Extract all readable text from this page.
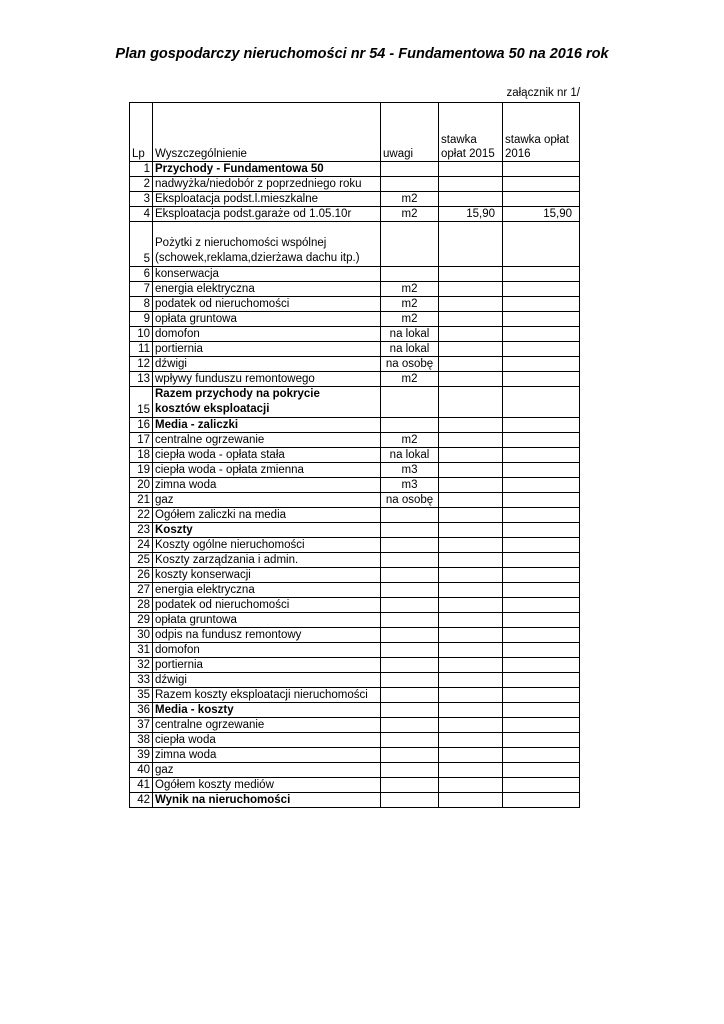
Plan gospodarczy nieruchomości nr 54 - Fundamentowa 50 na 2016 rok
załącznik nr 1/
Lp	Wyszczególnienie	uwagi	stawka opłat 2015	stawka opłat 2016
1	Przychody - Fundamentowa 50			
2	nadwyżka/niedobór z poprzedniego roku			
3	Eksploatacja podst.l.mieszkalne	m2		
4	Eksploatacja podst.garaże od 1.05.10r	m2	15,90	15,90
5	Pożytki z nieruchomości wspólnej
(schowek,reklama,dzierżawa dachu itp.)			

6	konserwacja			
7	energia elektryczna	m2		
8	podatek od nieruchomości	m2		
9	opłata gruntowa	m2		
10	domofon	na lokal		
11	portiernia	na lokal		
12	dźwigi	na osobę		
13	wpływy funduszu remontowego	m2		
15	Razem przychody na pokrycie
kosztów eksploatacji			

16	Media - zaliczki			
17	centralne ogrzewanie	m2		
18	ciepła woda - opłata stała	na lokal		
19	ciepła woda - opłata zmienna	m3		
20	zimna woda	m3		
21	gaz	na osobę		
22	Ogółem zaliczki na media			
23	Koszty			
24	Koszty ogólne nieruchomości			
25	Koszty zarządzania i admin.			
26	koszty konserwacji			
27	energia elektryczna			
28	podatek od nieruchomości			
29	opłata gruntowa			
30	odpis na fundusz remontowy			
31	domofon			
32	portiernia			
33	dźwigi			
35	Razem koszty eksploatacji nieruchomości			
36	Media - koszty			
37	centralne ogrzewanie			
38	ciepła woda			
39	zimna woda			
40	gaz			
41	Ogółem koszty mediów			
42	Wynik na nieruchomości			
